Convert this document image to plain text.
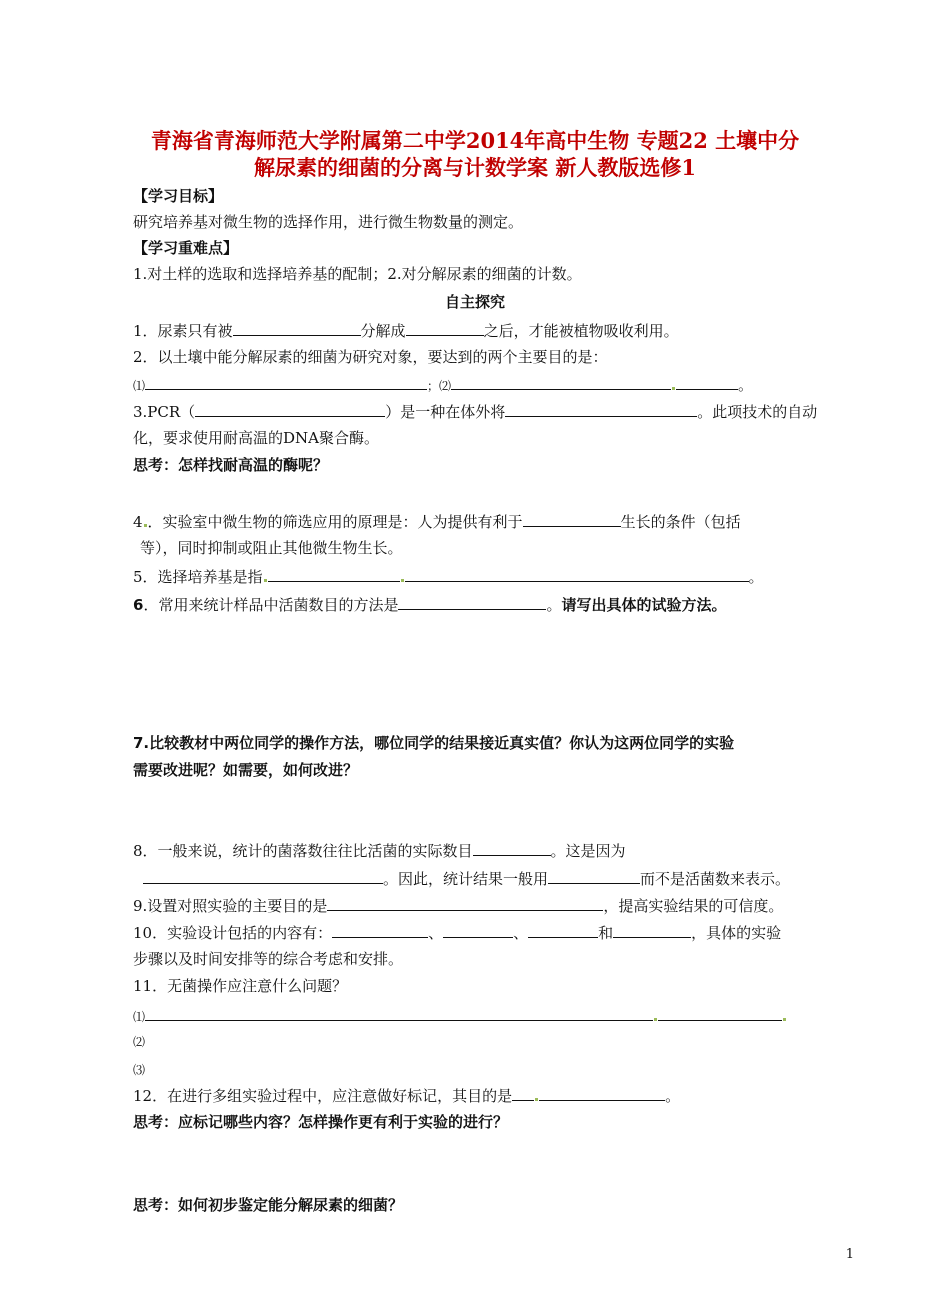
青海省青海师范大学附属第二中学2014年高中生物 专题22 土壤中分
解尿素的细菌的分离与计数学案 新人教版选修1
【学习目标】
研究培养基对微生物的选择作用，进行微生物数量的测定。
【学习重难点】
1.对土样的选取和选择培养基的配制；2.对分解尿素的细菌的计数。
自主探究
1．尿素只有被	分解成	之后，才能被植物吸收利用。
2．以土壤中能分解尿素的细菌为研究对象，要达到的两个主要目的是：
⑴	；⑵	。
3.PCR（	）是一种在体外将	。此项技术的自动
化，要求使用耐高温的DNA聚合酶。
思考：怎样找耐高温的酶呢？
4 ．实验室中微生物的筛选应用的原理是：人为提供有利于	生长的条件（包括
等），同时抑制或阻止其他微生物生长。
5．选择培养基是指	。
6．常用来统计样品中活菌数目的方法是	。请写出具体的试验方法。
7.比较教材中两位同学的操作方法，哪位同学的结果接近真实值？你认为这两位同学的实验
需要改进呢？如需要，如何改进？
8．一般来说，统计的菌落数往往比活菌的实际数目	。这是因为
。因此，统计结果一般用	而不是活菌数来表示。
9.设置对照实验的主要目的是	，提高实验结果的可信度。
10．实验设计包括的内容有：	、	、	和	，具体的实验
步骤以及时间安排等的综合考虑和安排。
11．无菌操作应注意什么问题？
⑴
⑵
⑶
12．在进行多组实验过程中，应注意做好标记，其目的是	。
思考：应标记哪些内容？怎样操作更有利于实验的进行？
思考：如何初步鉴定能分解尿素的细菌？
1
